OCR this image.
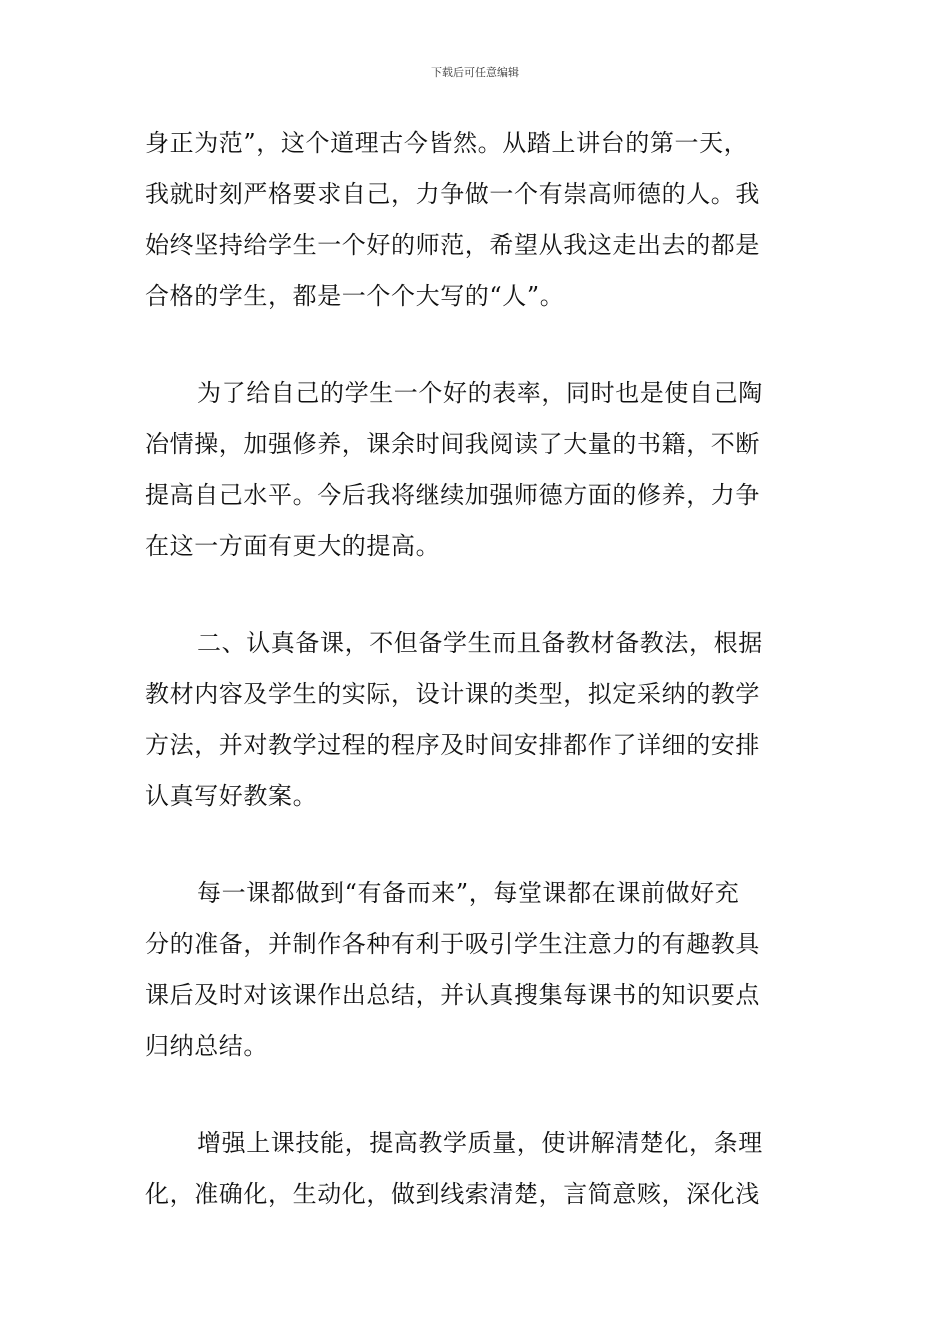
下载后可任意编辑
身正为范”，这个道理古今皆然。从踏上讲台的第一天，
我就时刻严格要求自己，力争做一个有崇高师德的人。我
始终坚持给学生一个好的师范，希望从我这走出去的都是
合格的学生，都是一个个大写的“人”。
为了给自己的学生一个好的表率，同时也是使自己陶
冶情操，加强修养，课余时间我阅读了大量的书籍，不断
提高自己水平。今后我将继续加强师德方面的修养，力争
在这一方面有更大的提高。
二、认真备课，不但备学生而且备教材备教法，根据
教材内容及学生的实际，设计课的类型，拟定采纳的教学
方法，并对教学过程的程序及时间安排都作了详细的安排
认真写好教案。
每一课都做到“有备而来”，每堂课都在课前做好充
分的准备，并制作各种有利于吸引学生注意力的有趣教具
课后及时对该课作出总结，并认真搜集每课书的知识要点
归纳总结。
增强上课技能，提高教学质量，使讲解清楚化，条理
化，准确化，生动化，做到线索清楚，言简意赅，深化浅
